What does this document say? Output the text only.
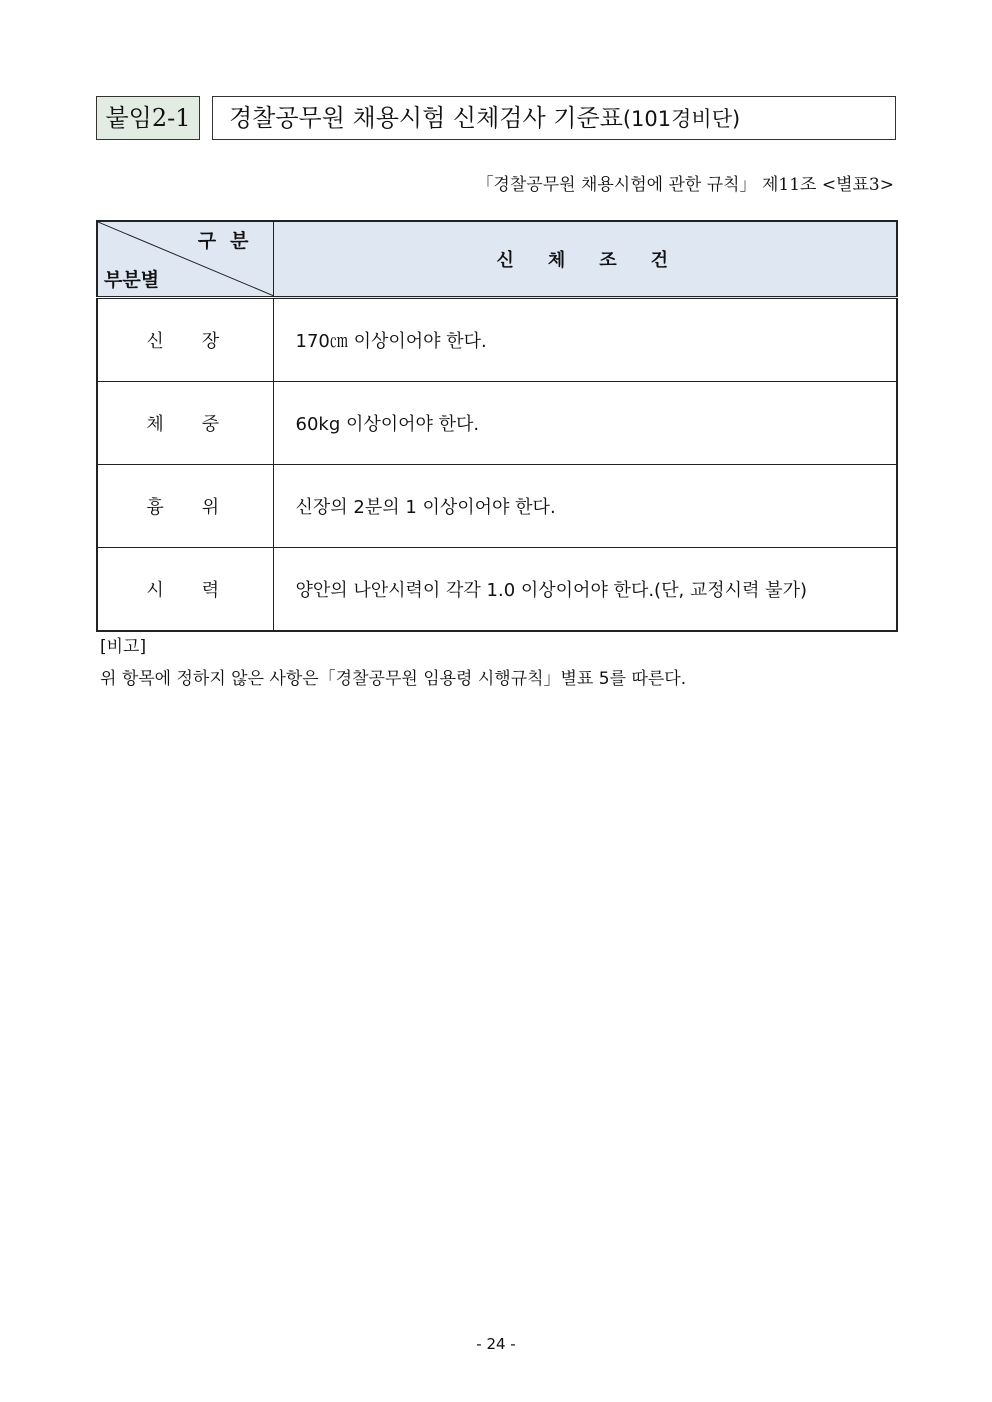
붙임2-1	경찰공무원 채용시험 신체검사 기준표(101경비단)
「경찰공무원 채용시험에 관한 규칙」 제11조 <별표3>
구분
부분별	신체조건
신장	170㎝ 이상이어야 한다.
체중	60kg 이상이어야 한다.
흉위	신장의 2분의 1 이상이어야 한다.
시력	양안의 나안시력이 각각 1.0 이상이어야 한다.(단, 교정시력 불가)
[비고]
위 항목에 정하지 않은 사항은「경찰공무원 임용령 시행규칙」별표 5를 따른다.
- 24 -
